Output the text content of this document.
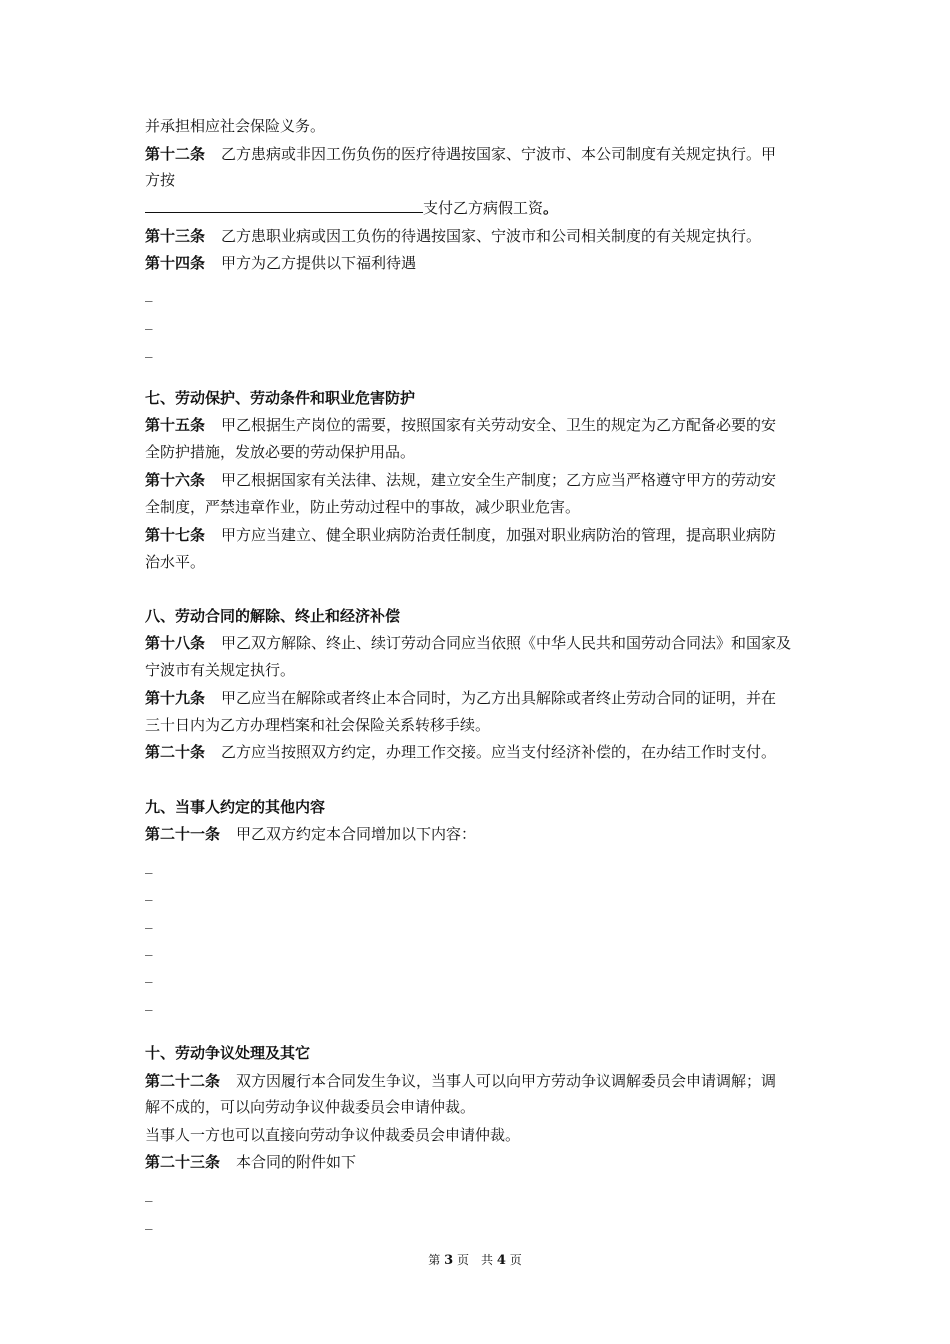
并承担相应社会保险义务。
第十二条 乙方患病或非因工伤负伤的医疗待遇按国家、宁波市、本公司制度有关规定执行。甲
方按
支付乙方病假工资。
第十三条 乙方患职业病或因工负伤的待遇按国家、宁波市和公司相关制度的有关规定执行。
第十四条 甲方为乙方提供以下福利待遇
_
_
_
七、劳动保护、劳动条件和职业危害防护
第十五条 甲乙根据生产岗位的需要，按照国家有关劳动安全、卫生的规定为乙方配备必要的安
全防护措施，发放必要的劳动保护用品。
第十六条 甲乙根据国家有关法律、法规，建立安全生产制度；乙方应当严格遵守甲方的劳动安
全制度，严禁违章作业，防止劳动过程中的事故，减少职业危害。
第十七条 甲方应当建立、健全职业病防治责任制度，加强对职业病防治的管理，提高职业病防
治水平。
八、劳动合同的解除、终止和经济补偿
第十八条 甲乙双方解除、终止、续订劳动合同应当依照《中华人民共和国劳动合同法》和国家及
宁波市有关规定执行。
第十九条 甲乙应当在解除或者终止本合同时，为乙方出具解除或者终止劳动合同的证明，并在
三十日内为乙方办理档案和社会保险关系转移手续。
第二十条 乙方应当按照双方约定，办理工作交接。应当支付经济补偿的，在办结工作时支付。
九、当事人约定的其他内容
第二十一条 甲乙双方约定本合同增加以下内容：
_
_
_
_
_
_
十、劳动争议处理及其它
第二十二条 双方因履行本合同发生争议，当事人可以向甲方劳动争议调解委员会申请调解；调
解不成的，可以向劳动争议仲裁委员会申请仲裁。
当事人一方也可以直接向劳动争议仲裁委员会申请仲裁。
第二十三条 本合同的附件如下
_
_
第 3 页　共 4 页
